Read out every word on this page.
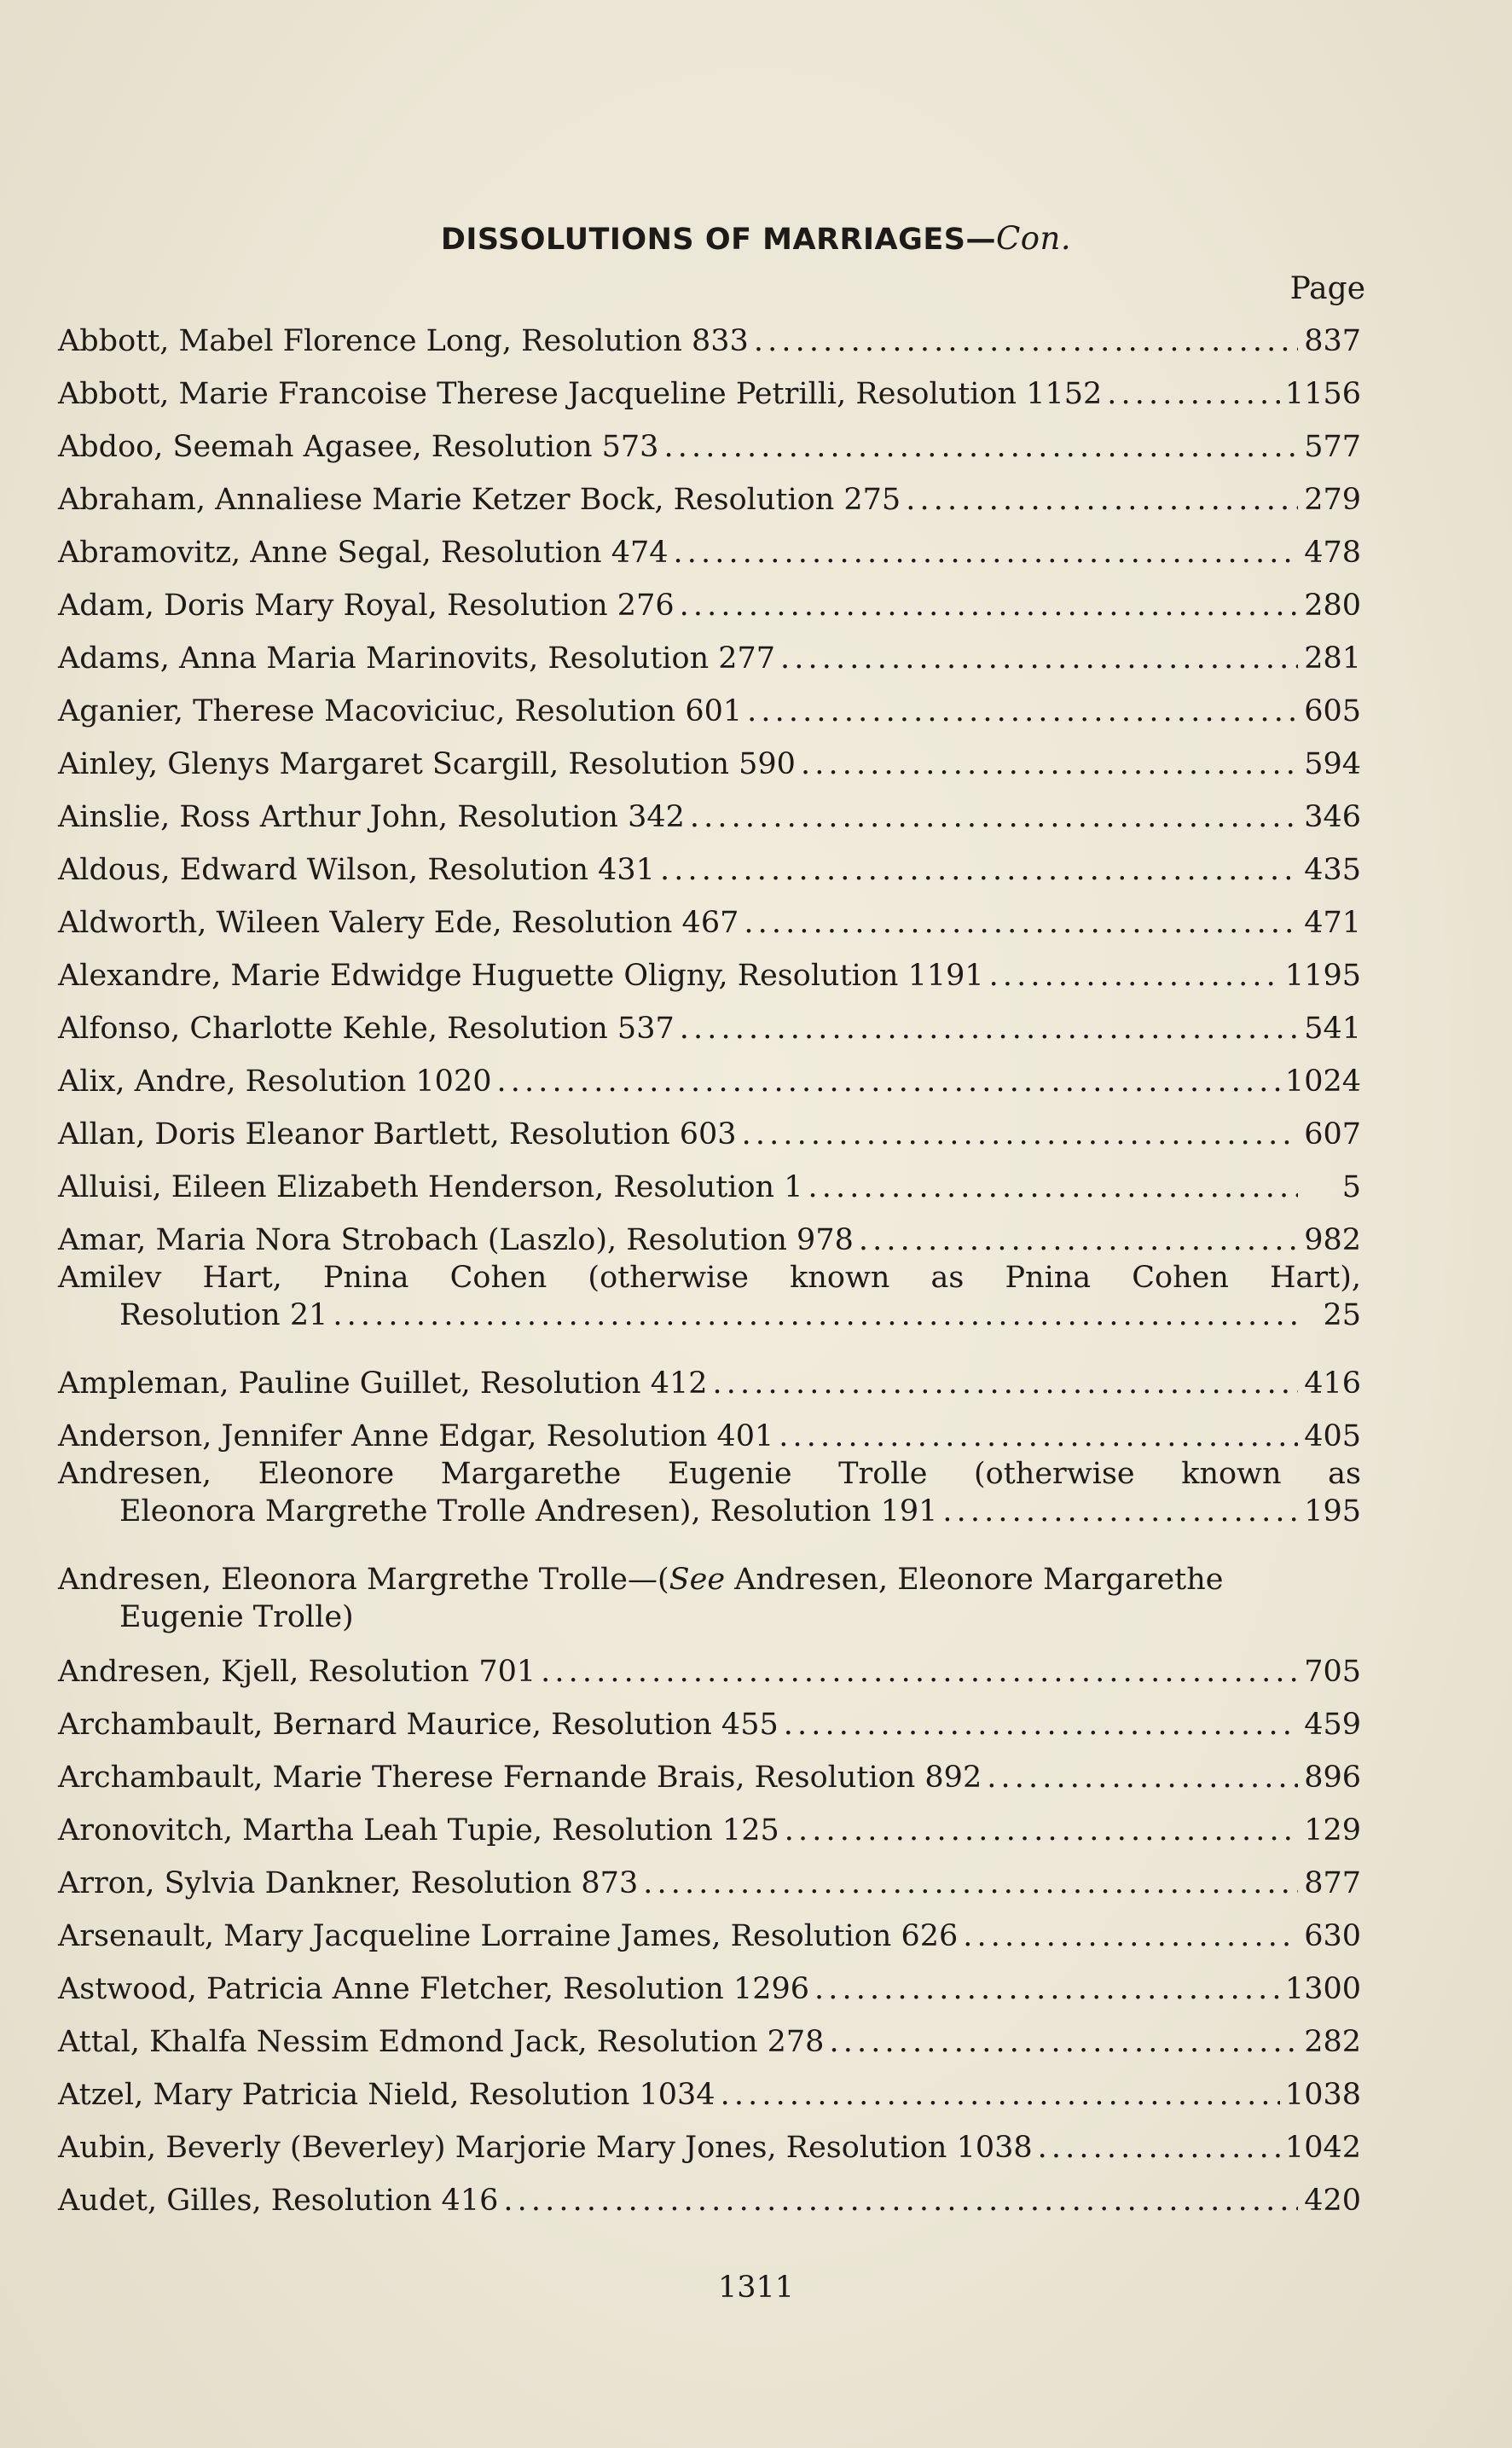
DISSOLUTIONS OF MARRIAGES—Con.
Page
Abbott, Mabel Florence Long, Resolution 833 . . .	837
Abbott, Marie Francoise Therese Jacqueline Petrilli, Resolution 1152 . . .	1156
Abdoo, Seemah Agasee, Resolution 573 . . .	577
Abraham, Annaliese Marie Ketzer Bock, Resolution 275 . . .	279
Abramovitz, Anne Segal, Resolution 474 . . .	478
Adam, Doris Mary Royal, Resolution 276 . . .	280
Adams, Anna Maria Marinovits, Resolution 277 . . .	281
Aganier, Therese Macoviciuc, Resolution 601 . . .	605
Ainley, Glenys Margaret Scargill, Resolution 590 . . .	594
Ainslie, Ross Arthur John, Resolution 342 . . .	346
Aldous, Edward Wilson, Resolution 431 . . .	435
Aldworth, Wileen Valery Ede, Resolution 467 . . .	471
Alexandre, Marie Edwidge Huguette Oligny, Resolution 1191 . . .	1195
Alfonso, Charlotte Kehle, Resolution 537 . . .	541
Alix, Andre, Resolution 1020 . . .	1024
Allan, Doris Eleanor Bartlett, Resolution 603 . . .	607
Alluisi, Eileen Elizabeth Henderson, Resolution 1 . . .	5
Amar, Maria Nora Strobach (Laszlo), Resolution 978 . . .	982
Amilev Hart, Pnina Cohen (otherwise known as Pnina Cohen Hart),
Resolution 21 . . .	25
Ampleman, Pauline Guillet, Resolution 412 . . .	416
Anderson, Jennifer Anne Edgar, Resolution 401 . . .	405
Andresen, Eleonore Margarethe Eugenie Trolle (otherwise known as
Eleonora Margrethe Trolle Andresen), Resolution 191 . . .	195
Andresen, Eleonora Margrethe Trolle—(See Andresen, Eleonore Margarethe
Eugenie Trolle)
Andresen, Kjell, Resolution 701 . . .	705
Archambault, Bernard Maurice, Resolution 455 . . .	459
Archambault, Marie Therese Fernande Brais, Resolution 892 . . .	896
Aronovitch, Martha Leah Tupie, Resolution 125 . . .	129
Arron, Sylvia Dankner, Resolution 873 . . .	877
Arsenault, Mary Jacqueline Lorraine James, Resolution 626 . . .	630
Astwood, Patricia Anne Fletcher, Resolution 1296 . . .	1300
Attal, Khalfa Nessim Edmond Jack, Resolution 278 . . .	282
Atzel, Mary Patricia Nield, Resolution 1034 . . .	1038
Aubin, Beverly (Beverley) Marjorie Mary Jones, Resolution 1038 . . .	1042
Audet, Gilles, Resolution 416 . . .	420
1311
